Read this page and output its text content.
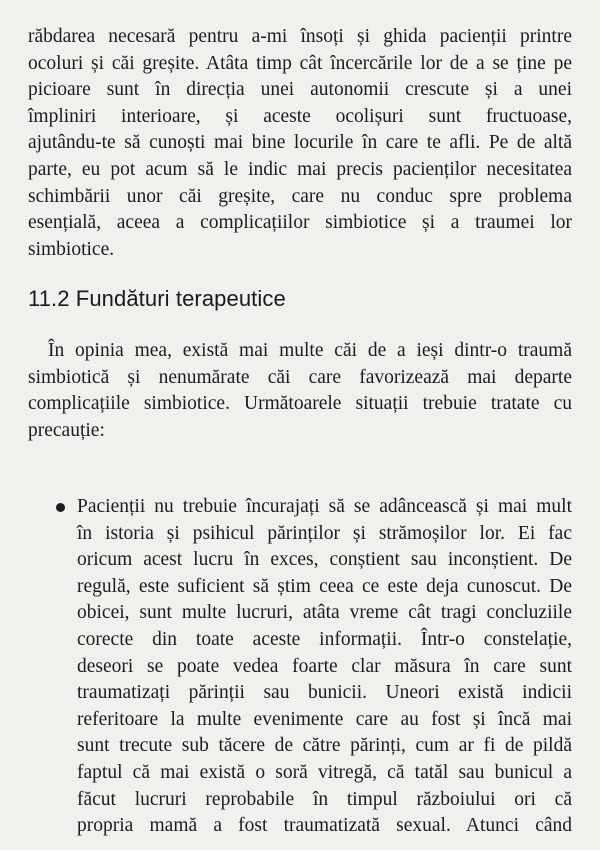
răbdarea necesară pentru a-mi însoți și ghida pacienții printre
ocoluri și căi greșite. Atâta timp cât încercările lor de a se ține pe
picioare sunt în direcția unei autonomii crescute și a unei
împliniri interioare, și aceste ocolișuri sunt fructuoase,
ajutându-te să cunoști mai bine locurile în care te afli. Pe de altă
parte, eu pot acum să le indic mai precis pacienților necesitatea
schimbării unor căi greșite, care nu conduc spre problema
esențială, aceea a complicațiilor simbiotice și a traumei lor
simbiotice.
11.2 Fundături terapeutice
În opinia mea, există mai multe căi de a ieși dintr-o traumă
simbiotică și nenumărate căi care favorizează mai departe
complicațiile simbiotice. Următoarele situații trebuie tratate cu
precauție:
Pacienții nu trebuie încurajați să se adâncească și mai mult
în istoria și psihicul părinților și strămoșilor lor. Ei fac
oricum acest lucru în exces, conștient sau inconștient. De
regulă, este suficient să știm ceea ce este deja cunoscut. De
obicei, sunt multe lucruri, atâta vreme cât tragi concluziile
corecte din toate aceste informații. Într-o constelație,
deseori se poate vedea foarte clar măsura în care sunt
traumatizați părinții sau bunicii. Uneori există indicii
referitoare la multe evenimente care au fost și încă mai
sunt trecute sub tăcere de către părinți, cum ar fi de pildă
faptul că mai există o soră vitregă, că tatăl sau bunicul a
făcut lucruri reprobabile în timpul războiului ori că
propria mamă a fost traumatizată sexual. Atunci când
